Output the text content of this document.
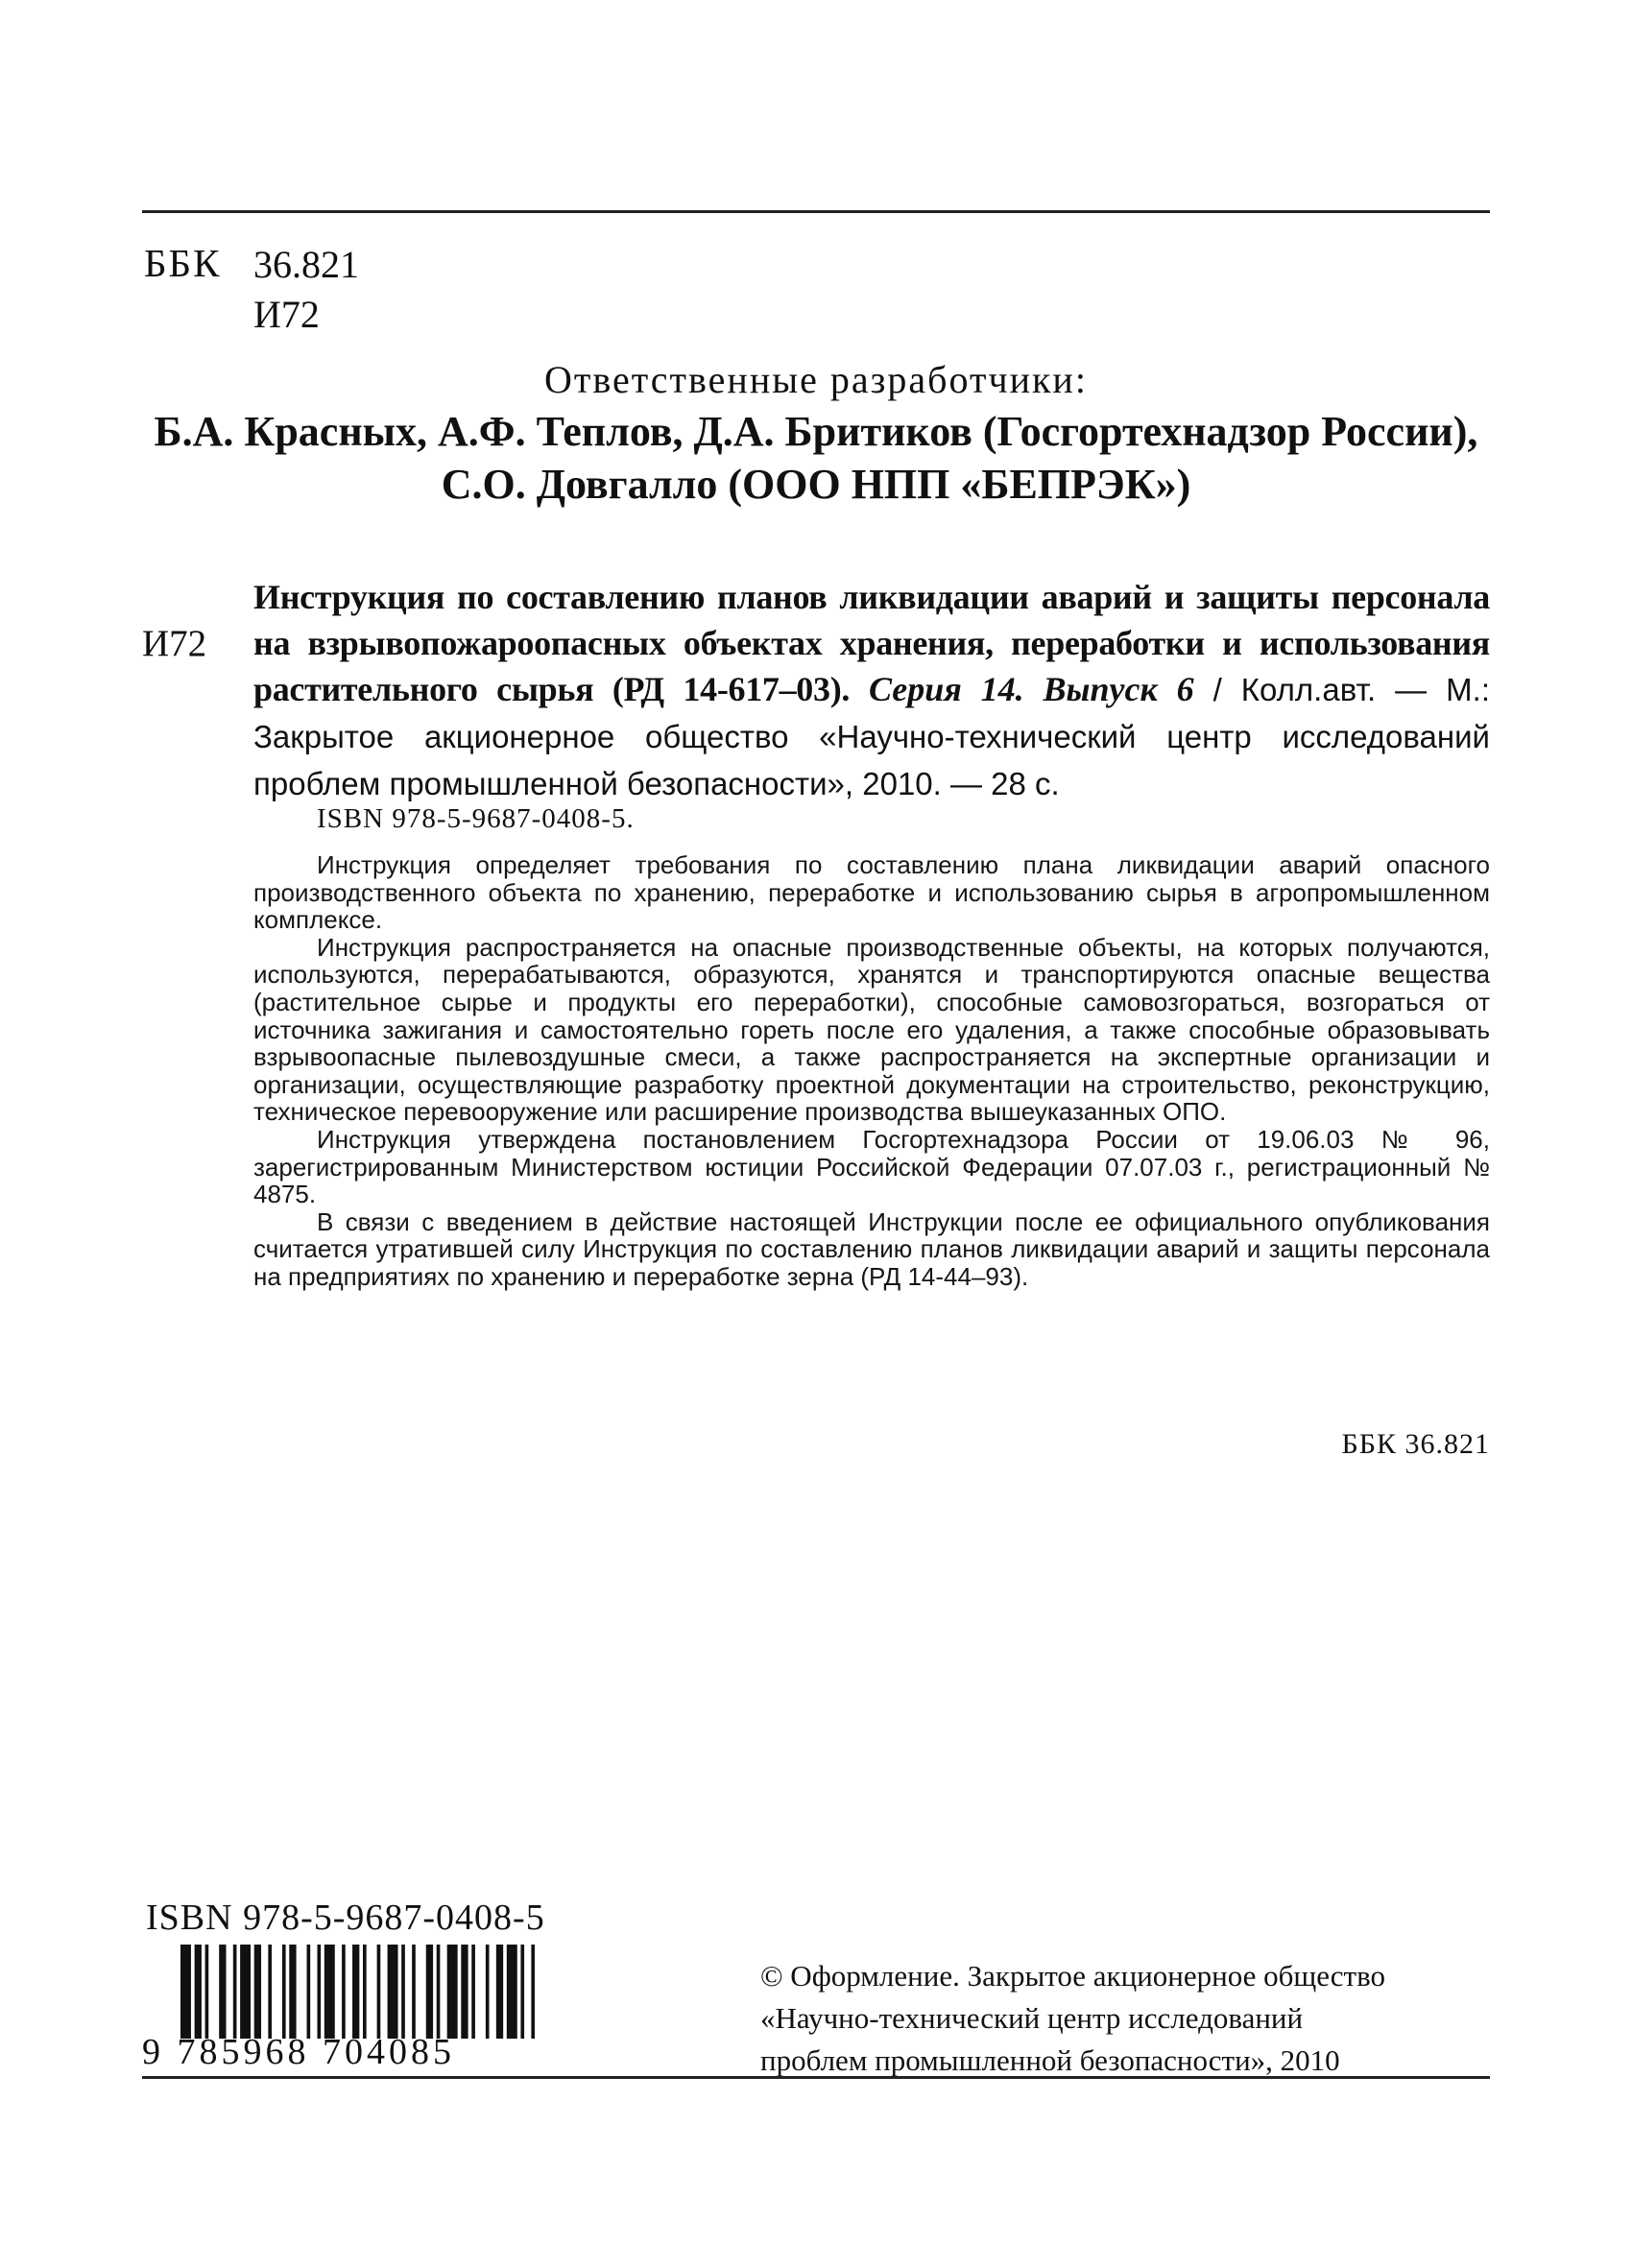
ББК 36.821
И72
Ответственные разработчики:
Б.А. Красных, А.Ф. Теплов, Д.А. Бритиков (Госгортехнадзор России),
С.О. Довгалло (ООО НПП «БЕПРЭК»)
И72
Инструкция по составлению планов ликвидации аварий и защиты персонала на взрывопожароопасных объектах хранения, переработки и использования растительного сырья (РД 14-617–03). Серия 14. Выпуск 6 / Колл.авт. — М.: Закрытое акционерное общество «Научно-технический центр исследований проблем промышленной безопасности», 2010. — 28 с.
ISBN 978-5-9687-0408-5.

Инструкция определяет требования по составлению плана ликвидации аварий опасного производственного объекта по хранению, переработке и использованию сырья в агропромышленном комплексе.

Инструкция распространяется на опасные производственные объекты, на которых получаются, используются, перерабатываются, образуются, хранятся и транспортируются опасные вещества (растительное сырье и продукты его переработки), способные самовозгораться, возгораться от источника зажигания и самостоятельно гореть после его удаления, а также способные образовывать взрывоопасные пылевоздушные смеси, а также распространяется на экспертные организации и организации, осуществляющие разработку проектной документации на строительство, реконструкцию, техническое перевооружение или расширение производства вышеуказанных ОПО.

Инструкция утверждена постановлением Госгортехнадзора России от 19.06.03 № 96, зарегистрированным Министерством юстиции Российской Федерации 07.07.03 г., регистрационный № 4875.

В связи с введением в действие настоящей Инструкции после ее официального опубликования считается утратившей силу Инструкция по составлению планов ликвидации аварий и защиты персонала на предприятиях по хранению и переработке зерна (РД 14-44–93).

ББК 36.821
ISBN 978-5-9687-0408-5
9 785968 704085
© Оформление. Закрытое акционерное общество
«Научно-технический центр исследований
проблем промышленной безопасности», 2010
